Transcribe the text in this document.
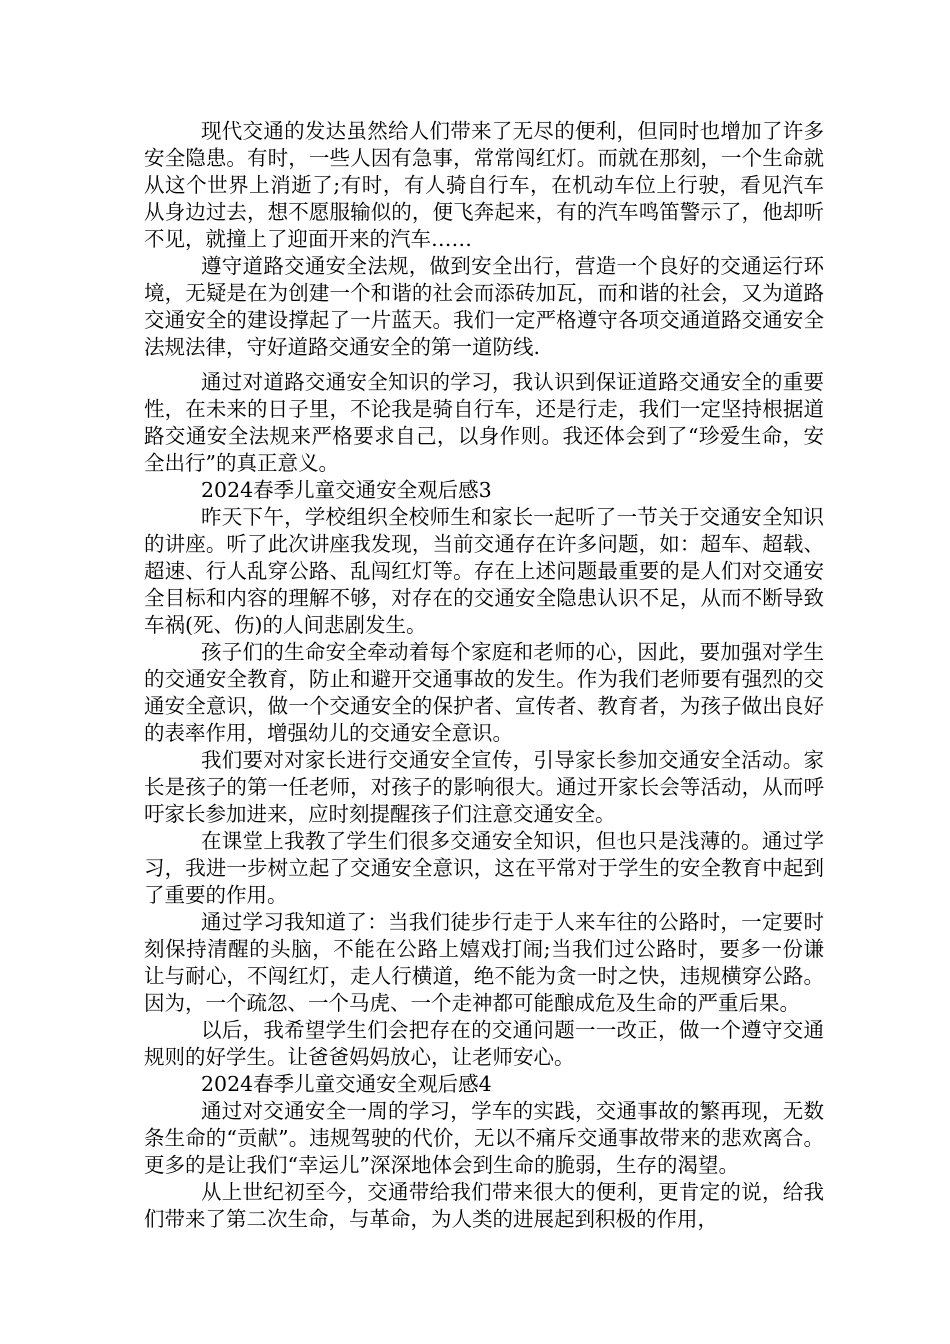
现代交通的发达虽然给人们带来了无尽的便利，但同时也增加了许多安全隐患。有时，一些人因有急事，常常闯红灯。而就在那刻，一个生命就从这个世界上消逝了;有时，有人骑自行车，在机动车位上行驶，看见汽车从身边过去，想不愿服输似的，便飞奔起来，有的汽车鸣笛警示了，他却听不见，就撞上了迎面开来的汽车……

遵守道路交通安全法规，做到安全出行，营造一个良好的交通运行环境，无疑是在为创建一个和谐的社会而添砖加瓦，而和谐的社会，又为道路交通安全的建设撑起了一片蓝天。我们一定严格遵守各项交通道路交通安全法规法律，守好道路交通安全的第一道防线.

通过对道路交通安全知识的学习，我认识到保证道路交通安全的重要性，在未来的日子里，不论我是骑自行车，还是行走，我们一定坚持根据道路交通安全法规来严格要求自己，以身作则。我还体会到了“珍爱生命，安全出行”的真正意义。

2024春季儿童交通安全观后感3

昨天下午，学校组织全校师生和家长一起听了一节关于交通安全知识的讲座。听了此次讲座我发现，当前交通存在许多问题，如：超车、超载、超速、行人乱穿公路、乱闯红灯等。存在上述问题最重要的是人们对交通安全目标和内容的理解不够，对存在的交通安全隐患认识不足，从而不断导致车祸(死、伤)的人间悲剧发生。

孩子们的生命安全牵动着每个家庭和老师的心，因此，要加强对学生的交通安全教育，防止和避开交通事故的发生。作为我们老师要有强烈的交通安全意识，做一个交通安全的保护者、宣传者、教育者，为孩子做出良好的表率作用，增强幼儿的交通安全意识。

我们要对对家长进行交通安全宣传，引导家长参加交通安全活动。家长是孩子的第一任老师，对孩子的影响很大。通过开家长会等活动，从而呼吁家长参加进来，应时刻提醒孩子们注意交通安全。

在课堂上我教了学生们很多交通安全知识，但也只是浅薄的。通过学习，我进一步树立起了交通安全意识，这在平常对于学生的安全教育中起到了重要的作用。

通过学习我知道了：当我们徒步行走于人来车往的公路时，一定要时刻保持清醒的头脑，不能在公路上嬉戏打闹;当我们过公路时，要多一份谦让与耐心，不闯红灯，走人行横道，绝不能为贪一时之快，违规横穿公路。因为，一个疏忽、一个马虎、一个走神都可能酿成危及生命的严重后果。

以后，我希望学生们会把存在的交通问题一一改正，做一个遵守交通规则的好学生。让爸爸妈妈放心，让老师安心。

2024春季儿童交通安全观后感4

通过对交通安全一周的学习，学车的实践，交通事故的繁再现，无数条生命的“贡献”。违规驾驶的代价，无以不痛斥交通事故带来的悲欢离合。更多的是让我们“幸运儿”深深地体会到生命的脆弱，生存的渴望。

从上世纪初至今，交通带给我们带来很大的便利，更肯定的说，给我们带来了第二次生命，与革命，为人类的进展起到积极的作用，
